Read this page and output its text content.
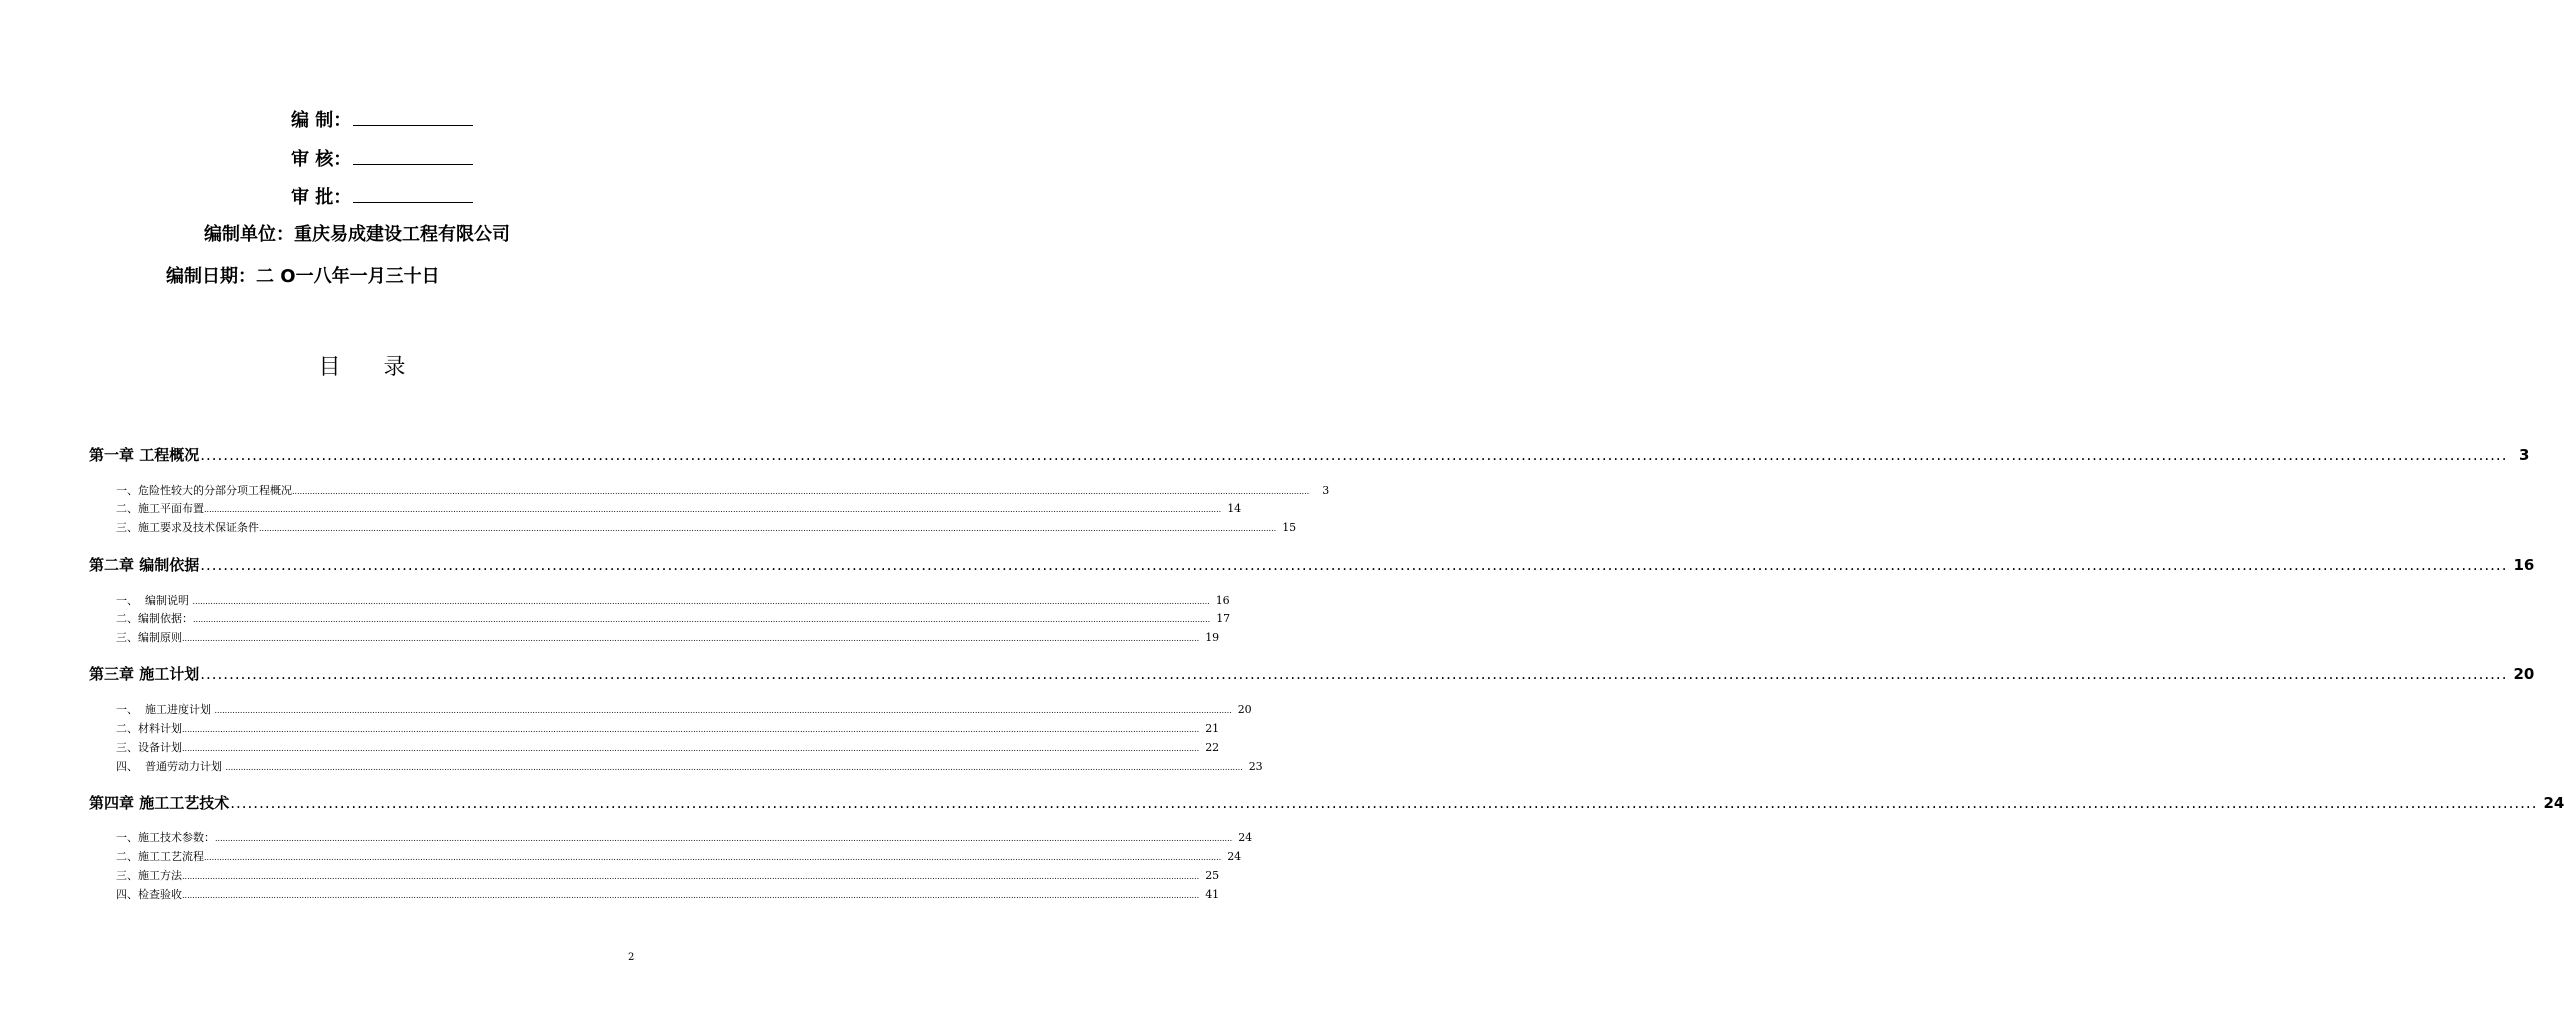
编 制：
审 核：
审 批：
编制单位：重庆易成建设工程有限公司
编制日期：二 O一八年一月三十日
目 录
第一章 工程概况 ................................................................................................................................................................................................................................................................................................................................................................................................................ 3
一、危险性较大的分部分项工程概况 ................................................................................................................................................................................................................................................................................................................................................................................................................	3
二、施工平面布置 ................................................................................................................................................................................................................................................................................................................................................................................................................ 14
三、施工要求及技术保证条件 ................................................................................................................................................................................................................................................................................................................................................................................................................ 15
第二章 编制依据 ................................................................................................................................................................................................................................................................................................................................................................................................................ 16
一、  编制说明 ................................................................................................................................................................................................................................................................................................................................................................................................................ 16
二、编制依据： ................................................................................................................................................................................................................................................................................................................................................................................................................ 17
三、编制原则 ................................................................................................................................................................................................................................................................................................................................................................................................................ 19
第三章 施工计划 ................................................................................................................................................................................................................................................................................................................................................................................................................ 20
一、  施工进度计划 ................................................................................................................................................................................................................................................................................................................................................................................................................ 20
二、材料计划 ................................................................................................................................................................................................................................................................................................................................................................................................................ 21
三、设备计划 ................................................................................................................................................................................................................................................................................................................................................................................................................ 22
四、  普通劳动力计划 ................................................................................................................................................................................................................................................................................................................................................................................................................ 23
第四章 施工工艺技术 ................................................................................................................................................................................................................................................................................................................................................................................................................ 24
一、施工技术参数： ................................................................................................................................................................................................................................................................................................................................................................................................................ 24
二、施工工艺流程 ................................................................................................................................................................................................................................................................................................................................................................................................................ 24
三、施工方法 ................................................................................................................................................................................................................................................................................................................................................................................................................ 25
四、检查验收 ................................................................................................................................................................................................................................................................................................................................................................................................................ 41
2
